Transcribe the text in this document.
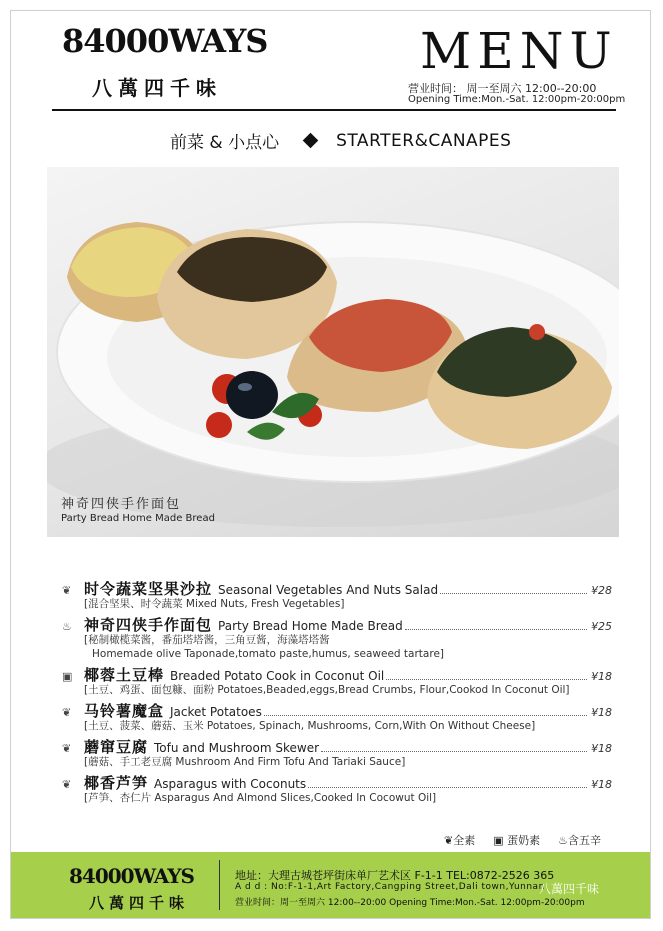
84000WAYS
八萬四千味
MENU
营业时间： 周一至周六 12:00--20:00
Opening Time:Mon.-Sat. 12:00pm-20:00pm
前菜 & 小点心	STARTER&CANAPES
神奇四侠手作面包
Party Bread Home Made Bread
❦ 时令蔬菜坚果沙拉 Seasonal Vegetables And Nuts Salad	¥28
[混合坚果、时令蔬菜 Mixed Nuts, Fresh Vegetables]
♨ 神奇四侠手作面包 Party Bread Home Made Bread	¥25
[秘制橄榄菜酱，番茄塔塔酱，三角豆酱，海藻塔塔酱
Homemade olive Taponade,tomato paste,humus, seaweed tartare]
▣ 椰蓉土豆棒 Breaded Potato Cook in Coconut Oil	¥18
[土豆、鸡蛋、面包糠、面粉 Potatoes,Beaded,eggs,Bread Crumbs, Flour,Cookod In Coconut Oil]
❦ 马铃薯魔盒 Jacket Potatoes	¥18
[土豆、菠菜、蘑菇、玉米 Potatoes, Spinach, Mushrooms, Corn,With On Without Cheese]
❦ 蘑窜豆腐 Tofu and Mushroom Skewer	¥18
[蘑菇、手工老豆腐 Mushroom And Firm Tofu And Tariaki Sauce]
❦ 椰香芦笋 Asparagus with Coconuts	¥18
[芦笋、杏仁片 Asparagus And Almond Slices,Cooked In Cocowut Oil]
❦全素 ▣ 蛋奶素 ♨含五辛
84000WAYS
八萬四千味
地址：大理古城苍坪街床单厂艺术区 F-1-1 TEL:0872-2526 365
A d d : No:F-1-1,Art Factory,Cangping Street,Dali town,Yunnan
营业时间：周一至周六 12:00--20:00 Opening Time:Mon.-Sat. 12:00pm-20:00pm
八萬四千味
